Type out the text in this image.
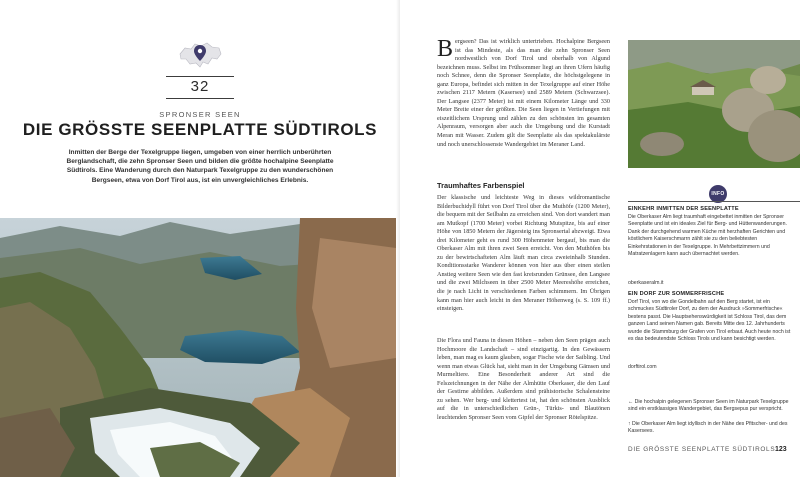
32
SPRONSER SEEN
DIE GRÖSSTE SEENPLATTE SÜDTIROLS
Inmitten der Berge der Texelgruppe liegen, umgeben von einer herrlich unberührten Berglandschaft, die zehn Spronser Seen und bilden die größte hochalpine Seenplatte Südtirols. Eine Wanderung durch den Naturpark Texelgruppe zu den wunderschönen Bergseen, etwa von Dorf Tirol aus, ist ein unvergleichliches Erlebnis.

Bergseen? Das ist wirklich untertrieben. Hochalpine Bergseen ist das Mindeste, als das man die zehn Spronser Seen nordwestlich von Dorf Tirol und oberhalb von Algund bezeichnen muss. Selbst im Frühsommer liegt an ihren Ufern häufig noch Schnee, denn die Spronser Seenplatte, die höchstgelegene in ganz Europa, befindet sich mitten in der Texelgruppe auf einer Höhe zwischen 2117 Metern (Kasersee) und 2589 Metern (Schwarzsee). Der Langsee (2377 Meter) ist mit einem Kilometer Länge und 330 Meter Breite einer der größten. Die Seen liegen in Vertiefungen mit eiszeitlichem Ursprung und zählen zu den schönsten im gesamten Alpenraum, versorgen aber auch die Umgebung und die Kurstadt Meran mit Wasser. Zudem gilt die Seenplatte als das spektakulärste und noch unerschlossenste Wandergebiet im Meraner Land.

Traumhaftes Farbenspiel

Der klassische und leichteste Weg in dieses wildromantische Bilderbuchidyll führt von Dorf Tirol über die Muthöfe (1200 Meter), die bequem mit der Seilbahn zu erreichen sind. Von dort wandert man am Mutkopf (1700 Meter) vorbei Richtung Mutspitze, bis auf einer Höhe von 1850 Metern der Jägersteig ins Spronsertal abzweigt. Etwa drei Kilometer geht es rund 300 Höhenmeter bergauf, bis man die Oberkaser Alm mit ihren zwei Seen erreicht. Von den Muthöfen bis zu der bewirtschafteten Alm läuft man circa zweieinhalb Stunden. Konditionsstarke Wanderer können von hier aus über einen steilen Anstieg weitere Seen wie den fast kreisrunden Grünsee, den Langsee und die zwei Milchseen in über 2500 Meter Meereshöhe erreichen, die je nach Licht in verschiedenen Farben schimmern. Im Übrigen kann man hier auch leicht in den Meraner Höhenweg (s. S. 109 ff.) einsteigen.

Die Flora und Fauna in diesen Höhen – neben den Seen prägen auch Hochmoore die Landschaft – sind einzigartig. In den Gewässern leben, man mag es kaum glauben, sogar Fische wie der Saibling. Und wenn man etwas Glück hat, sieht man in der Umgebung Gämsen und Murmeltiere. Eine Besonderheit anderer Art sind die Felszeichnungen in der Nähe der Almhütte Oberkaser, die den Lauf der Gestirne abbilden. Außerdem sind prähistorische Schalensteine zu sehen. Wer berg- und klettertest ist, hat den schönsten Ausblick auf die in unterschiedlichen Grün-, Türkis- und Blautönen leuchtenden Spronser Seen vom Gipfel der Spronser Rötelspitze.

INFO
EINKEHR INMITTEN DER SEENPLATTE

Die Oberkaser Alm liegt traumhaft eingebettet inmitten der Spronser Seenplatte und ist ein ideales Ziel für Berg- und Hüttenwanderungen. Dank der durchgehend warmen Küche mit herzhaften Gerichten und köstlichem Kaiserschmarrn zählt sie zu den beliebtesten Einkehrstationen in der Texelgruppe. In Mehrbettzimmern und Matratzenlagern kann auch übernachtet werden.

oberkaseralm.it

EIN DORF ZUR SOMMERFRISCHE

Dorf Tirol, von wo die Gondelbahn auf den Berg startet, ist ein schmuckes Südtiroler Dorf, zu dem der Ausdruck »Sommerfrische« bestens passt. Die Hauptsehenswürdigkeit ist Schloss Tirol, das dem ganzen Land seinen Namen gab. Bereits Mitte des 12. Jahrhunderts wurde die Stammburg der Grafen von Tirol erbaut. Auch heute noch ist es das bedeutendste Schloss Tirols und kann besichtigt werden.

dorftirol.com

← Die hochalpin gelegenen Spronser Seen im Naturpark Texelgruppe sind ein erstklassiges Wandergebiet, das Bergsepus pur verspricht.

↑ Die Oberkaser Alm liegt idyllisch in der Nähe des Pfitscher- und des Kasersees.

DIE GRÖSSTE SEENPLATTE SÜDTIROLS 123
